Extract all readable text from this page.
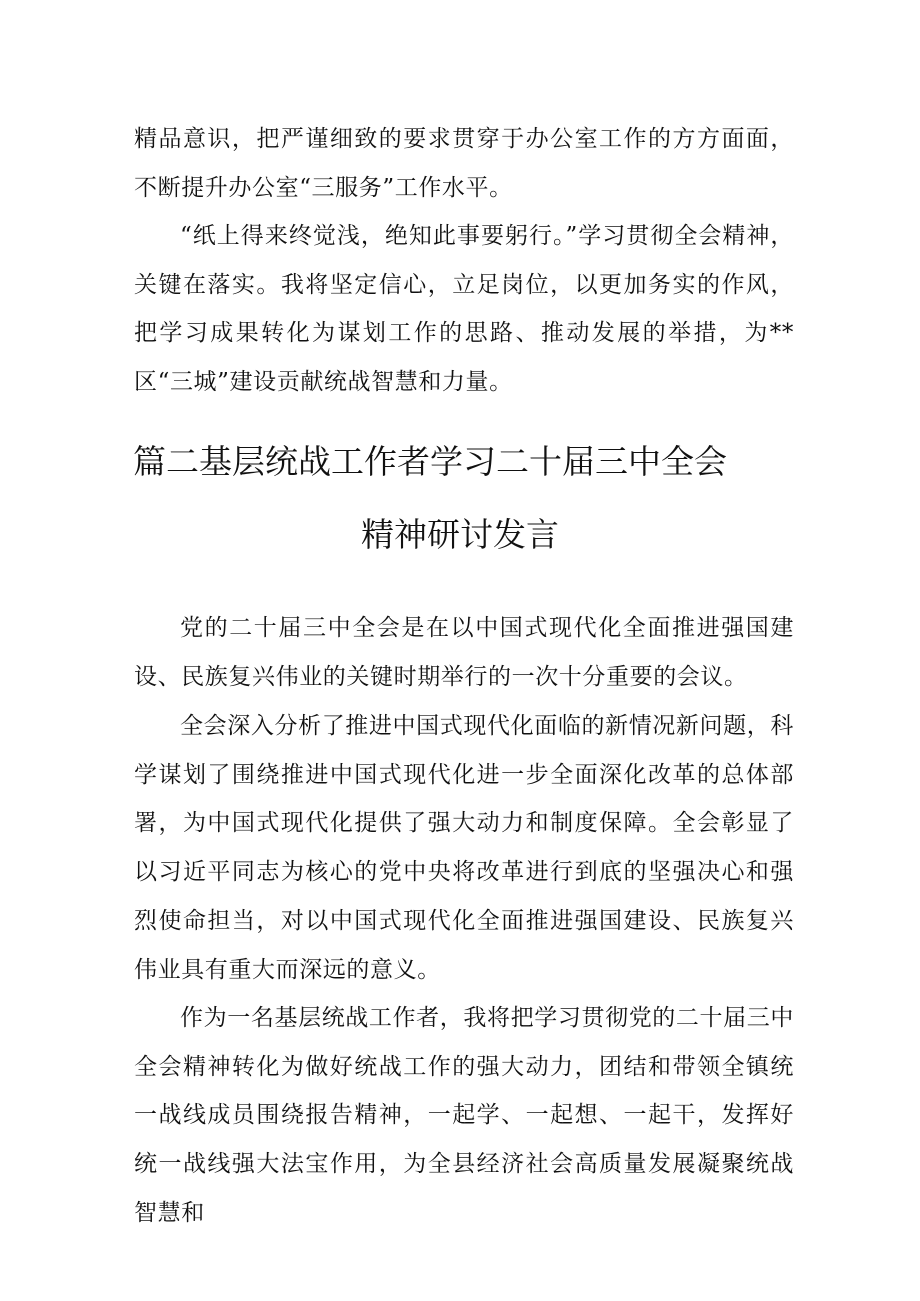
精品意识，把严谨细致的要求贯穿于办公室工作的方方面面，不断提升办公室“三服务”工作水平。

“纸上得来终觉浅，绝知此事要躬行。”学习贯彻全会精神，关键在落实。我将坚定信心，立足岗位，以更加务实的作风，把学习成果转化为谋划工作的思路、推动发展的举措，为**区“三城”建设贡献统战智慧和力量。

篇二基层统战工作者学习二十届三中全会
精神研讨发言

党的二十届三中全会是在以中国式现代化全面推进强国建设、民族复兴伟业的关键时期举行的一次十分重要的会议。

全会深入分析了推进中国式现代化面临的新情况新问题，科学谋划了围绕推进中国式现代化进一步全面深化改革的总体部署，为中国式现代化提供了强大动力和制度保障。全会彰显了以习近平同志为核心的党中央将改革进行到底的坚强决心和强烈使命担当，对以中国式现代化全面推进强国建设、民族复兴伟业具有重大而深远的意义。

作为一名基层统战工作者，我将把学习贯彻党的二十届三中全会精神转化为做好统战工作的强大动力，团结和带领全镇统一战线成员围绕报告精神，一起学、一起想、一起干，发挥好统一战线强大法宝作用，为全县经济社会高质量发展凝聚统战智慧和
